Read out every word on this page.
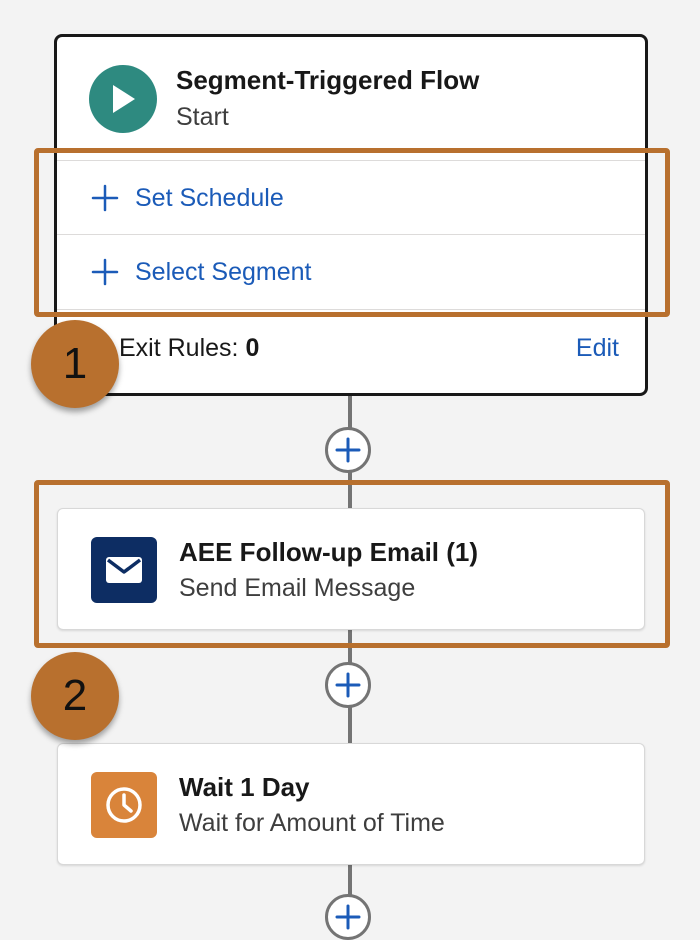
Segment-Triggered Flow
Start
Set Schedule
Select Segment
Exit Rules: 0	Edit
AEE Follow-up Email (1)
Send Email Message
Wait 1 Day
Wait for Amount of Time
1
2
